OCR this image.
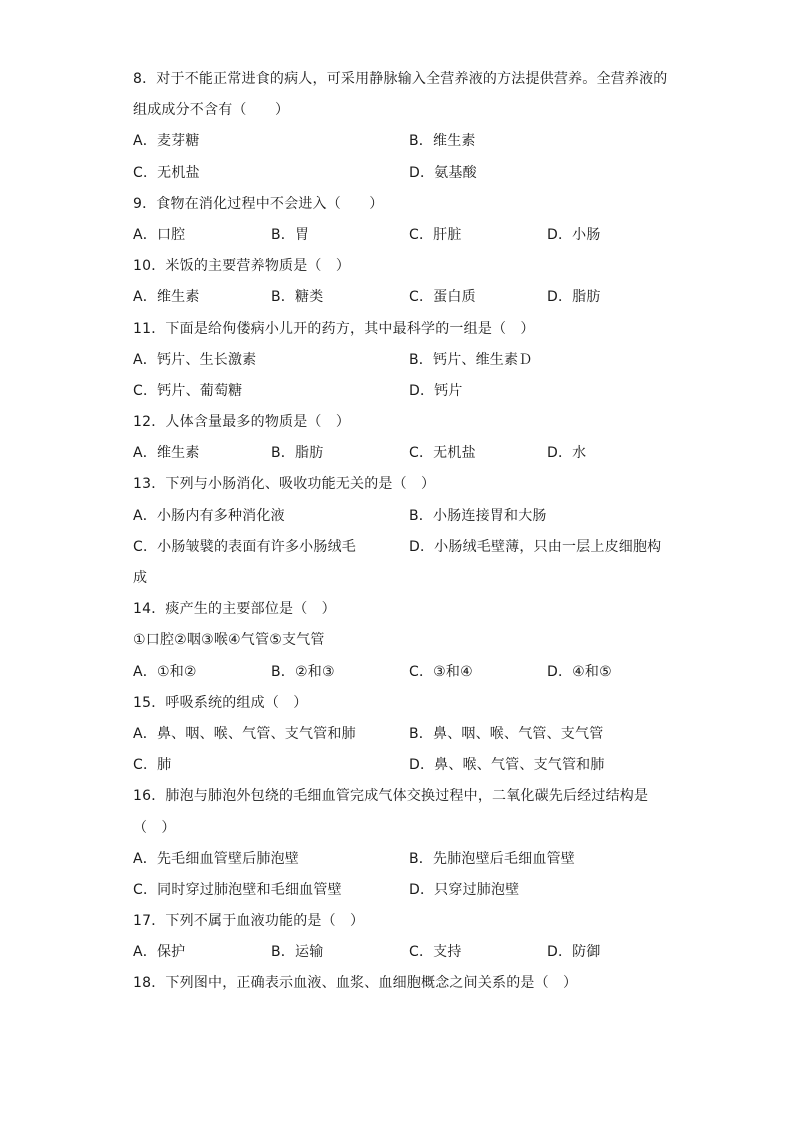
8．对于不能正常进食的病人，可采用静脉输入全营养液的方法提供营养。全营养液的
组成成分不含有（　　）
A．麦芽糖	B．维生素
C．无机盐	D．氨基酸
9．食物在消化过程中不会进入（　　）
A．口腔	B．胃	C．肝脏	D．小肠
10．米饭的主要营养物质是（　）
A．维生素	B．糖类	C．蛋白质	D．脂肪
11．下面是给佝偻病小儿开的药方，其中最科学的一组是（　）
A．钙片、生长激素	B．钙片、维生素Ｄ
C．钙片、葡萄糖	D．钙片
12．人体含量最多的物质是（　）
A．维生素	B．脂肪	C．无机盐	D．水
13．下列与小肠消化、吸收功能无关的是（　）
A．小肠内有多种消化液	B．小肠连接胃和大肠
C．小肠皱襞的表面有许多小肠绒毛	D．小肠绒毛壁薄，只由一层上皮细胞构
成
14．痰产生的主要部位是（　）
①口腔②咽③喉④气管⑤支气管
A．①和②	B．②和③	C．③和④	D．④和⑤
15．呼吸系统的组成（　）
A．鼻、咽、喉、气管、支气管和肺	B．鼻、咽、喉、气管、支气管
C．肺	D．鼻、喉、气管、支气管和肺
16．肺泡与肺泡外包绕的毛细血管完成气体交换过程中，二氧化碳先后经过结构是
（　）
A．先毛细血管壁后肺泡壁	B．先肺泡壁后毛细血管壁
C．同时穿过肺泡壁和毛细血管壁	D．只穿过肺泡壁
17．下列不属于血液功能的是（　）
A．保护	B．运输	C．支持	D．防御
18．下列图中，正确表示血液、血浆、血细胞概念之间关系的是（　）
